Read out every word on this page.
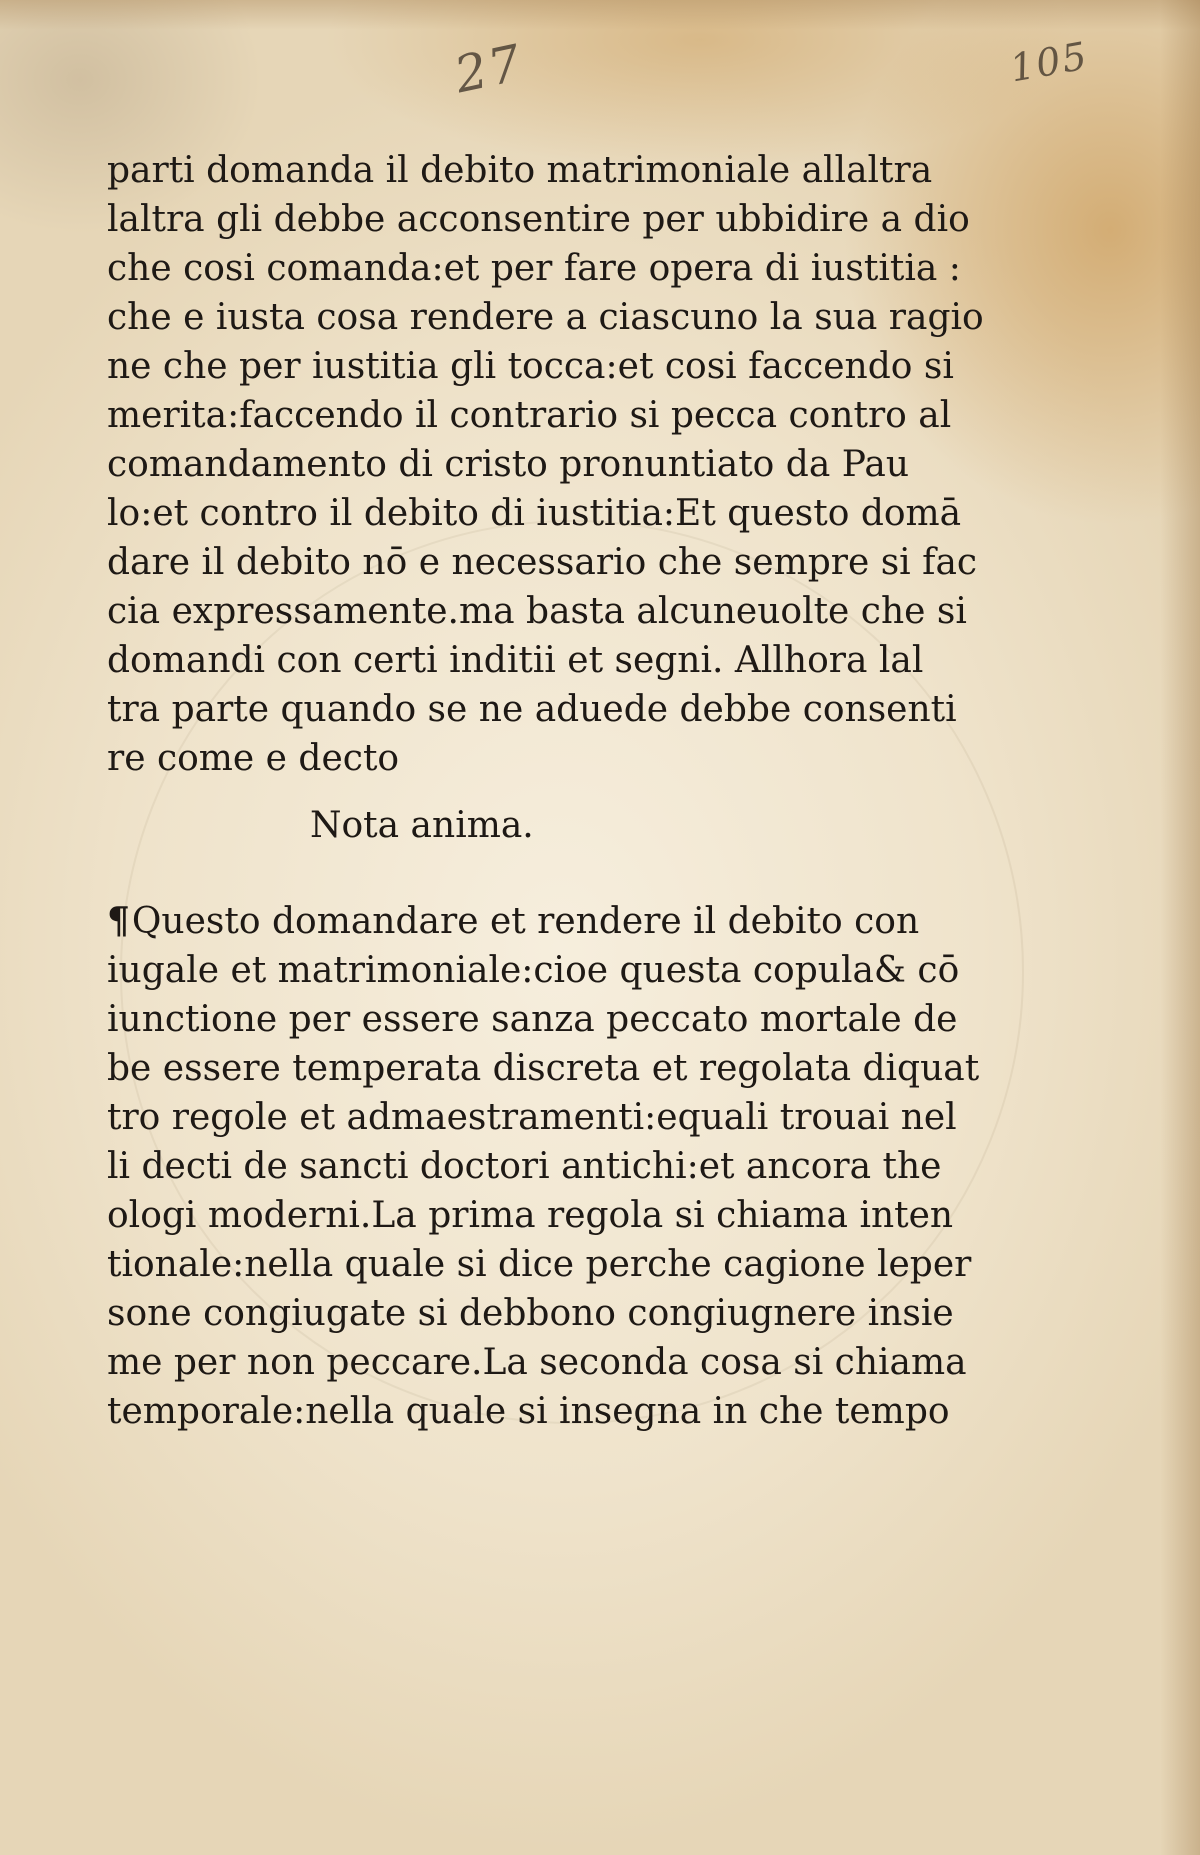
27	105
parti domanda il debito matrimoniale allaltra
laltra gli debbe acconsentire per ubbidire a dio
che cosi comanda:et per fare opera di iustitia :
che e iusta cosa rendere a ciascuno la sua ragio
ne che per iustitia gli tocca:et cosi faccendo si
merita:faccendo il contrario si pecca contro al
comandamento di cristo pronuntiato da Pau
lo:et contro il debito di iustitia:Et questo domā
dare il debito nō e necessario che sempre si fac
cia expressamente.ma basta alcuneuolte che si
domandi con certi inditii et segni. Allhora lal
tra parte quando se ne aduede debbe consenti
re come e decto
Nota anima.
¶Questo domandare et rendere il debito con
iugale et matrimoniale:cioe questa copula& cō
iunctione per essere sanza peccato mortale de
be essere temperata discreta et regolata diquat
tro regole et admaestramenti:equali trouai nel
li decti de sancti doctori antichi:et ancora the
ologi moderni.La prima regola si chiama inten
tionale:nella quale si dice perche cagione leper
sone congiugate si debbono congiugnere insie
me per non peccare.La seconda cosa si chiama
temporale:nella quale si insegna in che tempo
